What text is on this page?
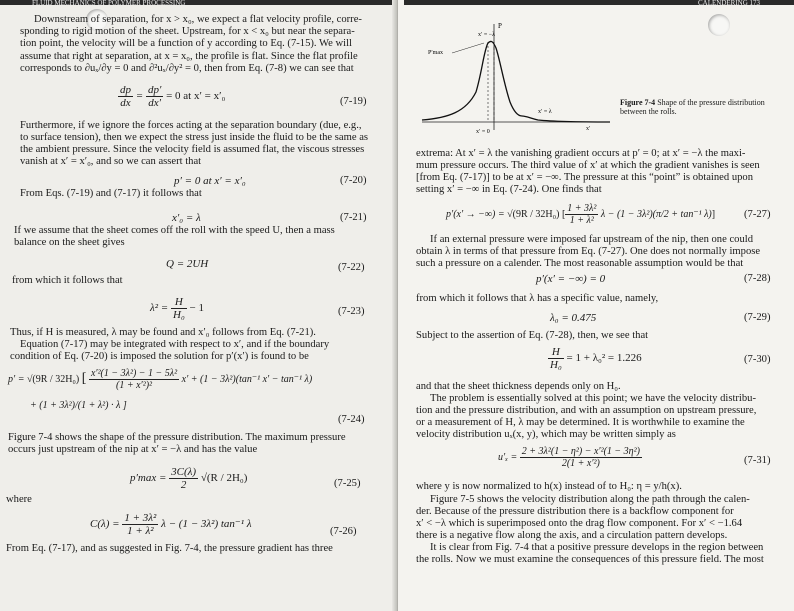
FLUID MECHANICS OF POLYMER PROCESSING
Downstream of separation, for x > x₀, we expect a flat velocity profile, corre-
sponding to rigid motion of the sheet. Upstream, for x < x₀ but near the separa-
tion point, the velocity will be a function of y according to Eq. (7-15). We will
assume that right at separation, at x = x₀, the profile is flat. Since the flat profile
corresponds to ∂uₓ/∂y = 0 and ∂²uₓ/∂y² = 0, then from Eq. (7-8) we can see that
$\frac{dp}{dx} = \frac{dp'}{dx'} = 0$ at x′ = x′₀	(7-19)
Furthermore, if we ignore the forces acting at the separation boundary (due, e.g.,
to surface tension), then we expect the stress just inside the fluid to be the same as
the ambient pressure. Since the velocity field is assumed flat, the viscous stresses
vanish at x′ = x′₀, and so we can assert that
p′ = 0 at x′ = x′₀	(7-20)
From Eqs. (7-19) and (7-17) it follows that
x′₀ = λ	(7-21)
If we assume that the sheet comes off the roll with the speed U, then a mass
balance on the sheet gives
Q = 2UH	(7-22)
from which it follows that
$\lambda^2 = \frac{H}{\text{H₀}} - 1$	(7-23)
Thus, if H is measured, λ may be found and x′₀ follows from Eq. (7-21).
Equation (7-17) may be integrated with respect to x′, and if the boundary
condition of Eq. (7-20) is imposed the solution for p′(x′) is found to be
p′ = √(9R / 32H₀) [ $\frac{\text{x′²(1 − 3λ²) − 1 − 5λ²}}{\text{(1 + x′²)²}} x' + (1 - 3\lambda^2)(\tan^{-1}$ x′ − tan⁻¹ λ)
+ (1 + 3λ²)/(1 + λ²) · λ ]
(7-24)
Figure 7-4 shows the shape of the pressure distribution. The maximum pressure
occurs just upstream of the nip at x′ = −λ and has the value
$p'\max = \frac{3C(\lambda)}{2} √(R / 2H_0)$	(7-25)
where
$C(\lambda) = \frac{\text{1 + 3λ²}}{\text{1 + λ²}}$ λ − (1 − 3λ²) tan⁻¹ λ
(7-26)
From Eq. (7-17), and as suggested in Fig. 7-4, the pressure gradient has three
CALENDERING 173
P
P′max
x′ = −λ
x′ = λ
x′ = 0	x′
Figure 7-4 Shape of the pressure distribution between the rolls.
extrema: At x′ = λ the vanishing gradient occurs at p′ = 0; at x′ = −λ the maxi-
mum pressure occurs. The third value of x′ at which the gradient vanishes is seen
[from Eq. (7-17)] to be at x′ = −∞. The pressure at this “point” is obtained upon
setting x′ = −∞ in Eq. (7-24). One finds that
p′(x′ → −∞) = √(9R / 32H₀) [ $\frac{\text{1 + 3λ²}}{\text{1 + λ²}}$ λ − (1 − 3λ²)(π/2 + tan⁻¹ λ)]	(7-27)
If an external pressure were imposed far upstream of the nip, then one could
obtain λ in terms of that pressure from Eq. (7-27). One does not normally impose
such a pressure on a calender. The most reasonable assumption would be that
p′(x′ = −∞) = 0	(7-28)
from which it follows that λ has a specific value, namely,
λ₀ = 0.475	(7-29)
Subject to the assertion of Eq. (7-28), then, we see that
$\frac{H}{\text{H₀}} = 1 + \lambda_0^2 = 1.226$	(7-30)
and that the sheet thickness depends only on H₀.
The problem is essentially solved at this point; we have the velocity distribu-
tion and the pressure distribution, and with an assumption on upstream pressure,
or a measurement of H, λ may be determined. It is worthwhile to examine the
velocity distribution uₓ(x, y), which may be written simply as
$u'_x = \frac{\text{2 + 3λ²(1 − η²) − x′²(1 − 3η²)}}{\text{2(1 + x′²)}}$	(7-31)
where y is now normalized to h(x) instead of to H₀: η = y/h(x).
Figure 7-5 shows the velocity distribution along the path through the calen-
der. Because of the pressure distribution there is a backflow component for
x′ < −λ which is superimposed onto the drag flow component. For x′ < −1.64
there is a negative flow along the axis, and a circulation pattern develops.
It is clear from Fig. 7-4 that a positive pressure develops in the region between
the rolls. Now we must examine the consequences of this pressure field. The most
